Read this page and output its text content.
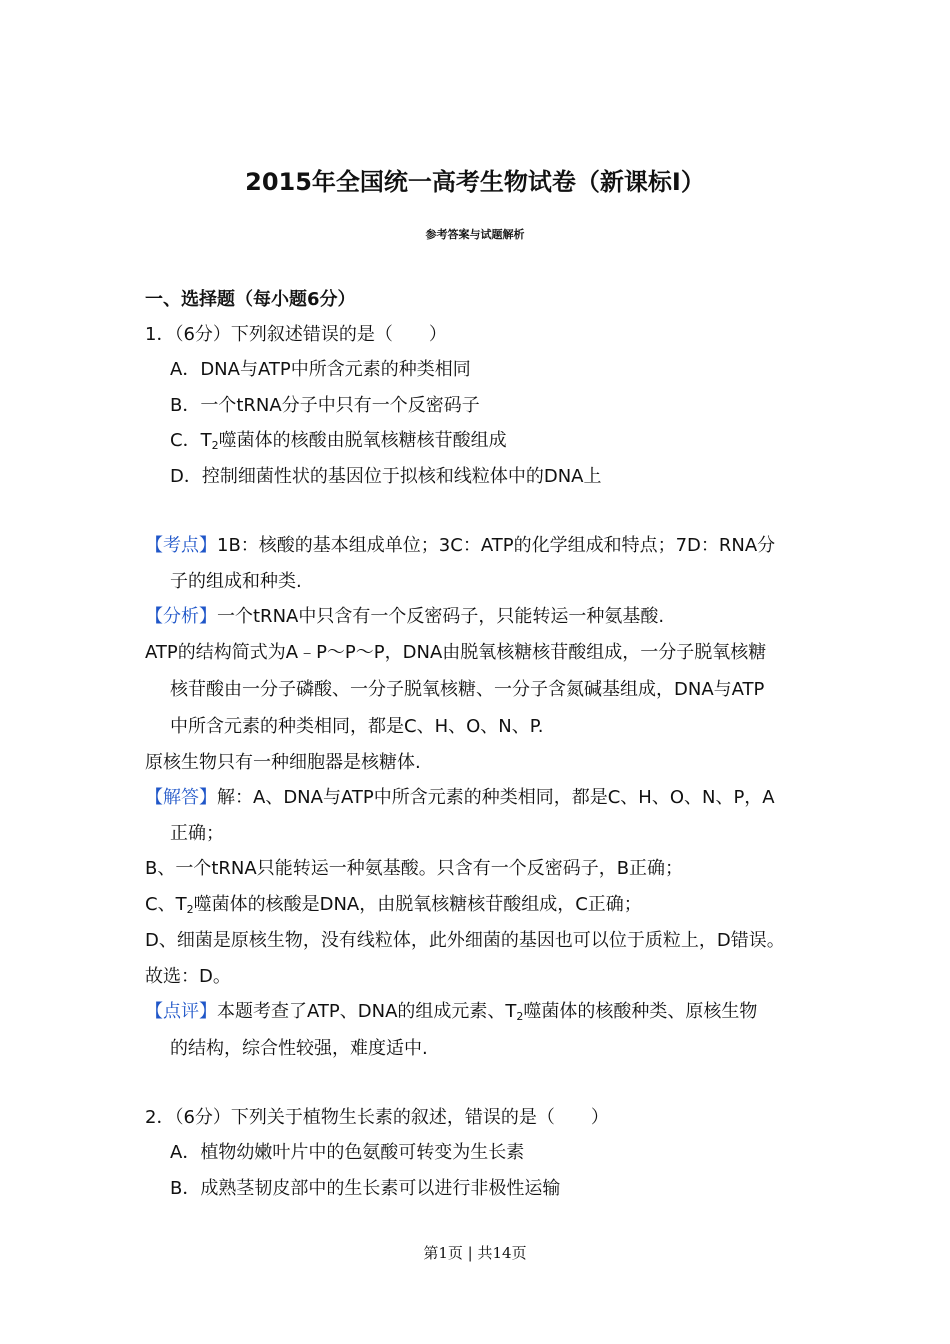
2015年全国统一高考生物试卷（新课标Ⅰ）
参考答案与试题解析
一、选择题（每小题6分）
1．（6分）下列叙述错误的是（　　）
A．DNA与ATP中所含元素的种类相同
B．一个tRNA分子中只有一个反密码子
C．$T_2$噬菌体的核酸由脱氧核糖核苷酸组成
D．控制细菌性状的基因位于拟核和线粒体中的DNA上
【考点】1B：核酸的基本组成单位；3C：ATP的化学组成和特点；7D：RNA分
子的组成和种类.
【分析】一个tRNA中只含有一个反密码子，只能转运一种氨基酸.
ATP的结构简式为A﹣P～P～P，DNA由脱氧核糖核苷酸组成，一分子脱氧核糖
核苷酸由一分子磷酸、一分子脱氧核糖、一分子含氮碱基组成，DNA与ATP
中所含元素的种类相同，都是C、H、O、N、P.
原核生物只有一种细胞器是核糖体.
【解答】解：A、DNA与ATP中所含元素的种类相同，都是C、H、O、N、P，A
正确；
B、一个tRNA只能转运一种氨基酸。只含有一个反密码子，B正确；
C、$T_2$噬菌体的核酸是DNA，由脱氧核糖核苷酸组成，C正确；
D、细菌是原核生物，没有线粒体，此外细菌的基因也可以位于质粒上，D错误。
故选：D。
【点评】本题考查了ATP、DNA的组成元素、$T_2$噬菌体的核酸种类、原核生物
的结构，综合性较强，难度适中.
2．（6分）下列关于植物生长素的叙述，错误的是（　　）
A．植物幼嫩叶片中的色氨酸可转变为生长素
B．成熟茎韧皮部中的生长素可以进行非极性运输
第1页 | 共14页
